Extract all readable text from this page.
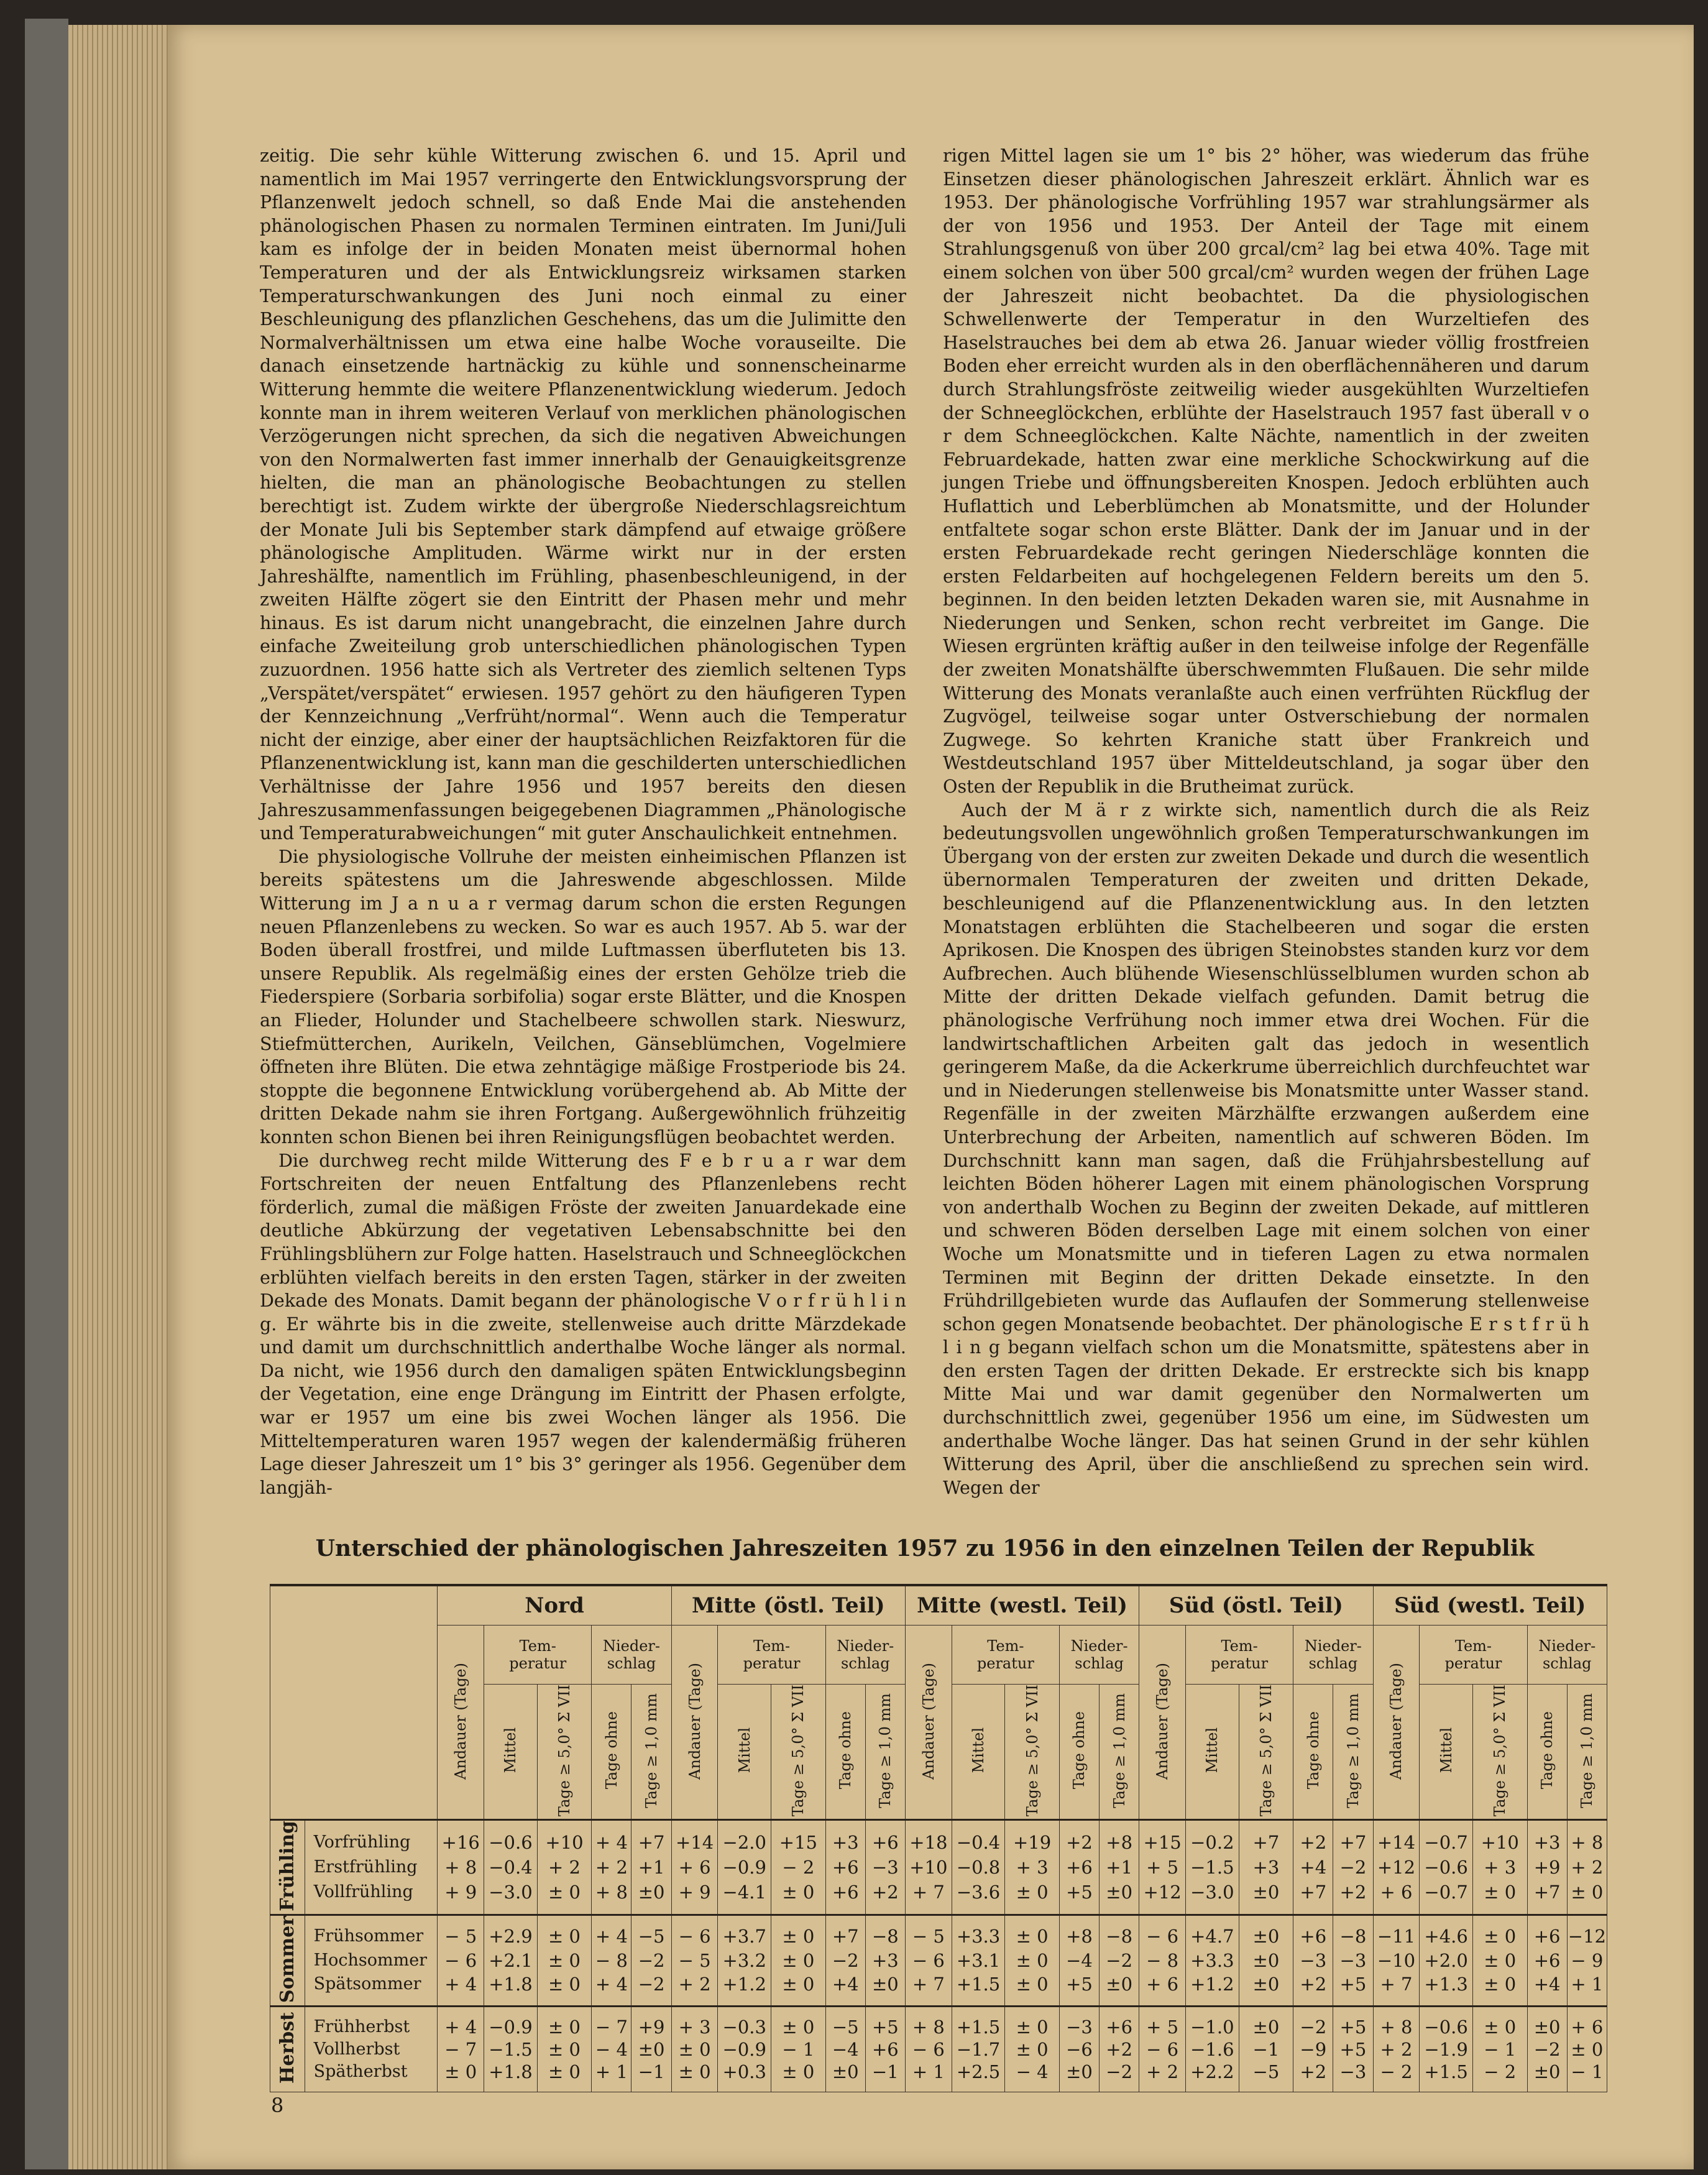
zeitig. Die sehr kühle Witterung zwischen 6. und 15. April und namentlich im Mai 1957 verringerte den Entwicklungsvorsprung der Pflanzenwelt jedoch schnell, so daß Ende Mai die anstehenden phänologischen Phasen zu normalen Terminen eintraten. Im Juni/Juli kam es infolge der in beiden Monaten meist übernormal hohen Temperaturen und der als Entwicklungsreiz wirksamen starken Temperaturschwankungen des Juni noch einmal zu einer Beschleunigung des pflanzlichen Geschehens, das um die Julimitte den Normalverhältnissen um etwa eine halbe Woche vorauseilte. Die danach einsetzende hartnäckig zu kühle und sonnenscheinarme Witterung hemmte die weitere Pflanzenentwicklung wiederum. Jedoch konnte man in ihrem weiteren Verlauf von merklichen phänologischen Verzögerungen nicht sprechen, da sich die negativen Abweichungen von den Normalwerten fast immer innerhalb der Genauigkeitsgrenze hielten, die man an phänologische Beobachtungen zu stellen berechtigt ist. Zudem wirkte der übergroße Niederschlagsreichtum der Monate Juli bis September stark dämpfend auf etwaige größere phänologische Amplituden. Wärme wirkt nur in der ersten Jahreshälfte, namentlich im Frühling, phasenbeschleunigend, in der zweiten Hälfte zögert sie den Eintritt der Phasen mehr und mehr hinaus. Es ist darum nicht unangebracht, die einzelnen Jahre durch einfache Zweiteilung grob unterschiedlichen phänologischen Typen zuzuordnen. 1956 hatte sich als Vertreter des ziemlich seltenen Typs „Verspätet/verspätet“ erwiesen. 1957 gehört zu den häufigeren Typen der Kennzeichnung „Verfrüht/normal“. Wenn auch die Temperatur nicht der einzige, aber einer der hauptsächlichen Reizfaktoren für die Pflanzenentwicklung ist, kann man die geschilderten unterschiedlichen Verhältnisse der Jahre 1956 und 1957 bereits den diesen Jahreszusammenfassungen beigegebenen Diagrammen „Phänologische und Temperaturabweichungen“ mit guter Anschaulichkeit entnehmen.

Die physiologische Vollruhe der meisten einheimischen Pflanzen ist bereits spätestens um die Jahreswende abgeschlossen. Milde Witterung im J a n u a r vermag darum schon die ersten Regungen neuen Pflanzenlebens zu wecken. So war es auch 1957. Ab 5. war der Boden überall frostfrei, und milde Luftmassen überfluteten bis 13. unsere Republik. Als regelmäßig eines der ersten Gehölze trieb die Fiederspiere (Sorbaria sorbifolia) sogar erste Blätter, und die Knospen an Flieder, Holunder und Stachelbeere schwollen stark. Nieswurz, Stiefmütterchen, Aurikeln, Veilchen, Gänseblümchen, Vogelmiere öffneten ihre Blüten. Die etwa zehntägige mäßige Frostperiode bis 24. stoppte die begonnene Entwicklung vorübergehend ab. Ab Mitte der dritten Dekade nahm sie ihren Fortgang. Außergewöhnlich frühzeitig konnten schon Bienen bei ihren Reinigungsflügen beobachtet werden.

Die durchweg recht milde Witterung des F e b r u a r war dem Fortschreiten der neuen Entfaltung des Pflanzenlebens recht förderlich, zumal die mäßigen Fröste der zweiten Januardekade eine deutliche Abkürzung der vegetativen Lebensabschnitte bei den Frühlingsblühern zur Folge hatten. Haselstrauch und Schneeglöckchen erblühten vielfach bereits in den ersten Tagen, stärker in der zweiten Dekade des Monats. Damit begann der phänologische V o r f r ü h l i n g. Er währte bis in die zweite, stellenweise auch dritte Märzdekade und damit um durchschnittlich anderthalbe Woche länger als normal. Da nicht, wie 1956 durch den damaligen späten Entwicklungsbeginn der Vegetation, eine enge Drängung im Eintritt der Phasen erfolgte, war er 1957 um eine bis zwei Wochen länger als 1956. Die Mitteltemperaturen waren 1957 wegen der kalendermäßig früheren Lage dieser Jahreszeit um 1° bis 3° geringer als 1956. Gegenüber dem langjäh-

rigen Mittel lagen sie um 1° bis 2° höher, was wiederum das frühe Einsetzen dieser phänologischen Jahreszeit erklärt. Ähnlich war es 1953. Der phänologische Vorfrühling 1957 war strahlungsärmer als der von 1956 und 1953. Der Anteil der Tage mit einem Strahlungsgenuß von über 200 grcal/cm² lag bei etwa 40%. Tage mit einem solchen von über 500 grcal/cm² wurden wegen der frühen Lage der Jahreszeit nicht beobachtet. Da die physiologischen Schwellenwerte der Temperatur in den Wurzeltiefen des Haselstrauches bei dem ab etwa 26. Januar wieder völlig frostfreien Boden eher erreicht wurden als in den oberflächennäheren und darum durch Strahlungsfröste zeitweilig wieder ausgekühlten Wurzeltiefen der Schneeglöckchen, erblühte der Haselstrauch 1957 fast überall v o r dem Schneeglöckchen. Kalte Nächte, namentlich in der zweiten Februardekade, hatten zwar eine merkliche Schockwirkung auf die jungen Triebe und öffnungsbereiten Knospen. Jedoch erblühten auch Huflattich und Leberblümchen ab Monatsmitte, und der Holunder entfaltete sogar schon erste Blätter. Dank der im Januar und in der ersten Februardekade recht geringen Niederschläge konnten die ersten Feldarbeiten auf hochgelegenen Feldern bereits um den 5. beginnen. In den beiden letzten Dekaden waren sie, mit Ausnahme in Niederungen und Senken, schon recht verbreitet im Gange. Die Wiesen ergrünten kräftig außer in den teilweise infolge der Regenfälle der zweiten Monatshälfte überschwemmten Flußauen. Die sehr milde Witterung des Monats veranlaßte auch einen verfrühten Rückflug der Zugvögel, teilweise sogar unter Ostverschiebung der normalen Zugwege. So kehrten Kraniche statt über Frankreich und Westdeutschland 1957 über Mitteldeutschland, ja sogar über den Osten der Republik in die Brutheimat zurück.

Auch der M ä r z wirkte sich, namentlich durch die als Reiz bedeutungsvollen ungewöhnlich großen Temperaturschwankungen im Übergang von der ersten zur zweiten Dekade und durch die wesentlich übernormalen Temperaturen der zweiten und dritten Dekade, beschleunigend auf die Pflanzenentwicklung aus. In den letzten Monatstagen erblühten die Stachelbeeren und sogar die ersten Aprikosen. Die Knospen des übrigen Steinobstes standen kurz vor dem Aufbrechen. Auch blühende Wiesenschlüsselblumen wurden schon ab Mitte der dritten Dekade vielfach gefunden. Damit betrug die phänologische Verfrühung noch immer etwa drei Wochen. Für die landwirtschaftlichen Arbeiten galt das jedoch in wesentlich geringerem Maße, da die Ackerkrume überreichlich durchfeuchtet war und in Niederungen stellenweise bis Monatsmitte unter Wasser stand. Regenfälle in der zweiten Märzhälfte erzwangen außerdem eine Unterbrechung der Arbeiten, namentlich auf schweren Böden. Im Durchschnitt kann man sagen, daß die Frühjahrsbestellung auf leichten Böden höherer Lagen mit einem phänologischen Vorsprung von anderthalb Wochen zu Beginn der zweiten Dekade, auf mittleren und schweren Böden derselben Lage mit einem solchen von einer Woche um Monatsmitte und in tieferen Lagen zu etwa normalen Terminen mit Beginn der dritten Dekade einsetzte. In den Frühdrillgebieten wurde das Auflaufen der Sommerung stellenweise schon gegen Monatsende beobachtet. Der phänologische E r s t f r ü h l i n g begann vielfach schon um die Monatsmitte, spätestens aber in den ersten Tagen der dritten Dekade. Er erstreckte sich bis knapp Mitte Mai und war damit gegenüber den Normalwerten um durchschnittlich zwei, gegenüber 1956 um eine, im Südwesten um anderthalbe Woche länger. Das hat seinen Grund in der sehr kühlen Witterung des April, über die anschließend zu sprechen sein wird. Wegen der

Unterschied der phänologischen Jahreszeiten 1957 zu 1956 in den einzelnen Teilen der Republik
		Nord					Mitte (östl. Teil)					Mitte (westl. Teil)					Süd (östl. Teil)					Süd (westl. Teil)				
		Andauer (Tage)	Tem-
peratur		Nieder-
schlag		Andauer (Tage)	Tem-
peratur		Nieder-
schlag		Andauer (Tage)	Tem-
peratur		Nieder-
schlag		Andauer (Tage)	Tem-
peratur		Nieder-
schlag		Andauer (Tage)	Tem-
peratur		Nieder-
schlag	
			Mittel	Tage ≥ 5,0° Σ VII	Tage ohne	Tage ≥ 1,0 mm		Mittel	Tage ≥ 5,0° Σ VII	Tage ohne	Tage ≥ 1,0 mm		Mittel	Tage ≥ 5,0° Σ VII	Tage ohne	Tage ≥ 1,0 mm		Mittel	Tage ≥ 5,0° Σ VII	Tage ohne	Tage ≥ 1,0 mm		Mittel	Tage ≥ 5,0° Σ VII	Tage ohne	Tage ≥ 1,0 mm
Frühling	Vorfrühling	+16	−0.6	+10	+ 4	+7	+14	−2.0	+15	+3	+6	+18	−0.4	+19	+2	+8	+15	−0.2	+7	+2	+7	+14	−0.7	+10	+3	+ 8
	Erstfrühling	+ 8	−0.4	+ 2	+ 2	+1	+ 6	−0.9	− 2	+6	−3	+10	−0.8	+ 3	+6	+1	+ 5	−1.5	+3	+4	−2	+12	−0.6	+ 3	+9	+ 2
	Vollfrühling	+ 9	−3.0	± 0	+ 8	±0	+ 9	−4.1	± 0	+6	+2	+ 7	−3.6	± 0	+5	±0	+12	−3.0	±0	+7	+2	+ 6	−0.7	± 0	+7	± 0
Sommer	Frühsommer	− 5	+2.9	± 0	+ 4	−5	− 6	+3.7	± 0	+7	−8	− 5	+3.3	± 0	+8	−8	− 6	+4.7	±0	+6	−8	−11	+4.6	± 0	+6	−12
	Hochsommer	− 6	+2.1	± 0	− 8	−2	− 5	+3.2	± 0	−2	+3	− 6	+3.1	± 0	−4	−2	− 8	+3.3	±0	−3	−3	−10	+2.0	± 0	+6	− 9
	Spätsommer	+ 4	+1.8	± 0	+ 4	−2	+ 2	+1.2	± 0	+4	±0	+ 7	+1.5	± 0	+5	±0	+ 6	+1.2	±0	+2	+5	+ 7	+1.3	± 0	+4	+ 1
Herbst	Frühherbst	+ 4	−0.9	± 0	− 7	+9	+ 3	−0.3	± 0	−5	+5	+ 8	+1.5	± 0	−3	+6	+ 5	−1.0	±0	−2	+5	+ 8	−0.6	± 0	±0	+ 6
	Vollherbst	− 7	−1.5	± 0	− 4	±0	± 0	−0.9	− 1	−4	+6	− 6	−1.7	± 0	−6	+2	− 6	−1.6	−1	−9	+5	+ 2	−1.9	− 1	−2	± 0
	Spätherbst	± 0	+1.8	± 0	+ 1	−1	± 0	+0.3	± 0	±0	−1	+ 1	+2.5	− 4	±0	−2	+ 2	+2.2	−5	+2	−3	− 2	+1.5	− 2	±0	− 1
8
